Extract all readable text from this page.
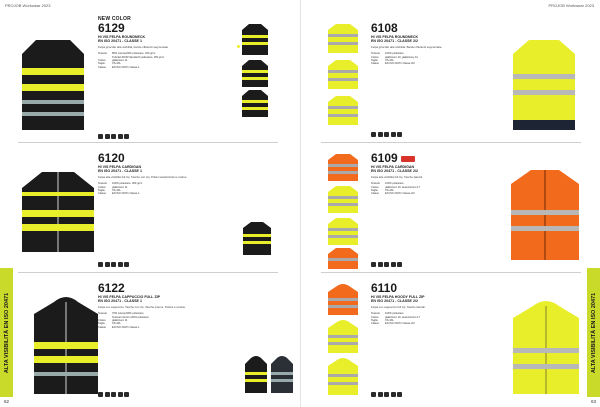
PROJOB Workwear 2023
ALTA VISIBILITÀ EN ISO 20471
62
NEW COLOR
6129
HI VIS FELPA ROUNDNECK
EN ISO 20471 - CLASSE 1
Felpa girocollo alta visibilità, bande riflettenti segmentate
Tessuto	80% cotone/20% poliestere, 320 g/m²
Tubolari 60/40 Sandwich poliestere, 250 g/m²
Colore	giallo/nero 11
Taglie	XS-4XL
Classe	EN ISO 20471 Classe 1
6120
HI VIS FELPA CARDIGAN
EN ISO 20471 - CLASSE 1
Felpa alta visibilità full zip. Tasche con zip. Polsini elasticizzati a costine.
Tessuto	100% poliestere, 300 g/m²
Colore	giallo/nero 11
Taglie	XS-4XL
Classe	EN ISO 20471 Classe 1
6122
HI VIS FELPA CAPPUCCIO FULL ZIP
EN ISO 20471 - CLASSE 1
Felpa con cappuccio. Tasche con zip. Tasche interne. Polsini a costine.
Tessuto	70% cotone/30% poliestere
Tessuto interno 100% poliestere
Colore	giallo/nero 11
Taglie	XS-4XL
Classe	EN ISO 20471 Classe 1
PROJOB Workwear 2023
ALTA VISIBILITÀ EN ISO 20471
63
6108
HI VIS FELPA ROUNDNECK
EN ISO 20471 - CLASSE 2/2
Felpa girocollo alta visibilità. Bande riflettenti segmentate.
Tessuto	100% poliestere
Colore	giallo/nero 10, giallo/navy 12
Taglie	XS-4XL
Classe	EN ISO 20471 Classe 2/2
6109
HI VIS FELPA CARDIGAN
EN ISO 20471 - CLASSE 2/2
Felpa alta visibilità full zip. Tasche laterali.
Tessuto	100% poliestere
Colore	giallo/nero 10, arancio/nero 17
Taglie	XS-4XL
Classe	EN ISO 20471 Classe 2/2
6110
HI VIS FELPA HOODY FULL ZIP
EN ISO 20471 - CLASSE 2/2
Felpa con cappuccio full zip. Tasche laterali.
Tessuto	100% poliestere
Colore	giallo/nero 10, arancio/nero 17
Taglie	XS-4XL
Classe	EN ISO 20471 Classe 2/2
